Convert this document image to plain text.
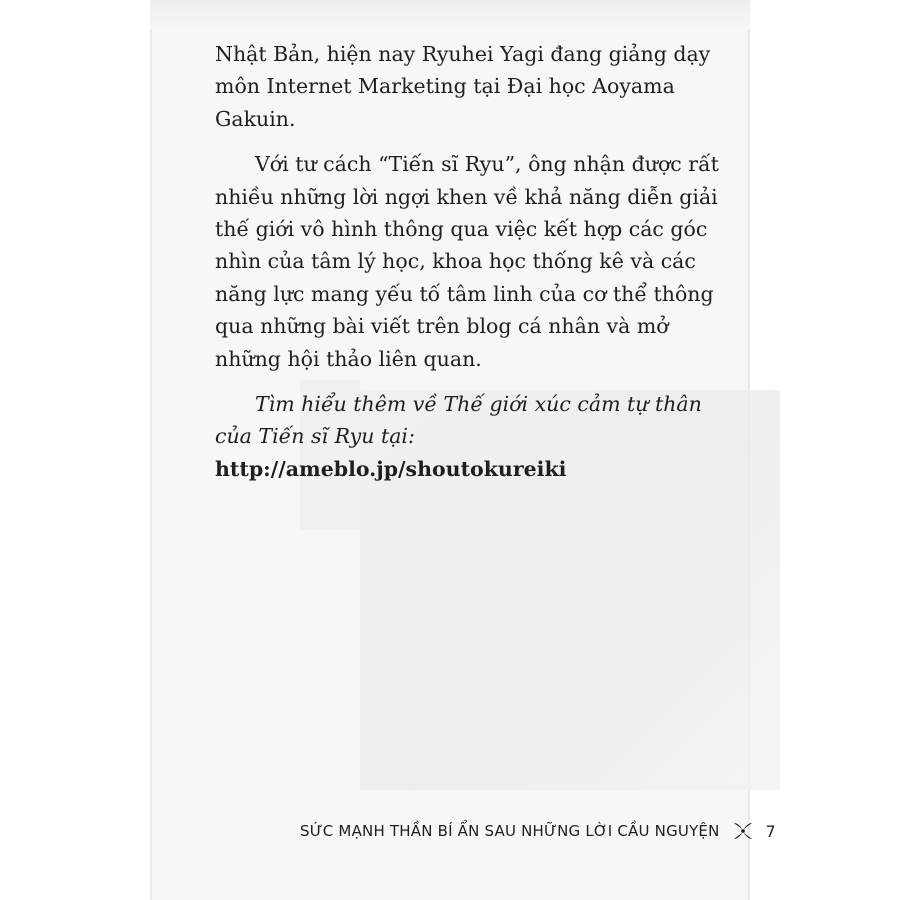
Nhật Bản, hiện nay Ryuhei Yagi đang giảng dạy môn Internet Marketing tại Đại học Aoyama Gakuin.

Với tư cách “Tiến sĩ Ryu”, ông nhận được rất nhiều những lời ngợi khen về khả năng diễn giải thế giới vô hình thông qua việc kết hợp các góc nhìn của tâm lý học, khoa học thống kê và các năng lực mang yếu tố tâm linh của cơ thể thông qua những bài viết trên blog cá nhân và mở những hội thảo liên quan.

Tìm hiểu thêm về Thế giới xúc cảm tự thân của Tiến sĩ Ryu tại: http://ameblo.jp/shoutokureiki

SỨC MẠNH THẦN BÍ ẨN SAU NHỮNG LỜI CẦU NGUYỆN	7
